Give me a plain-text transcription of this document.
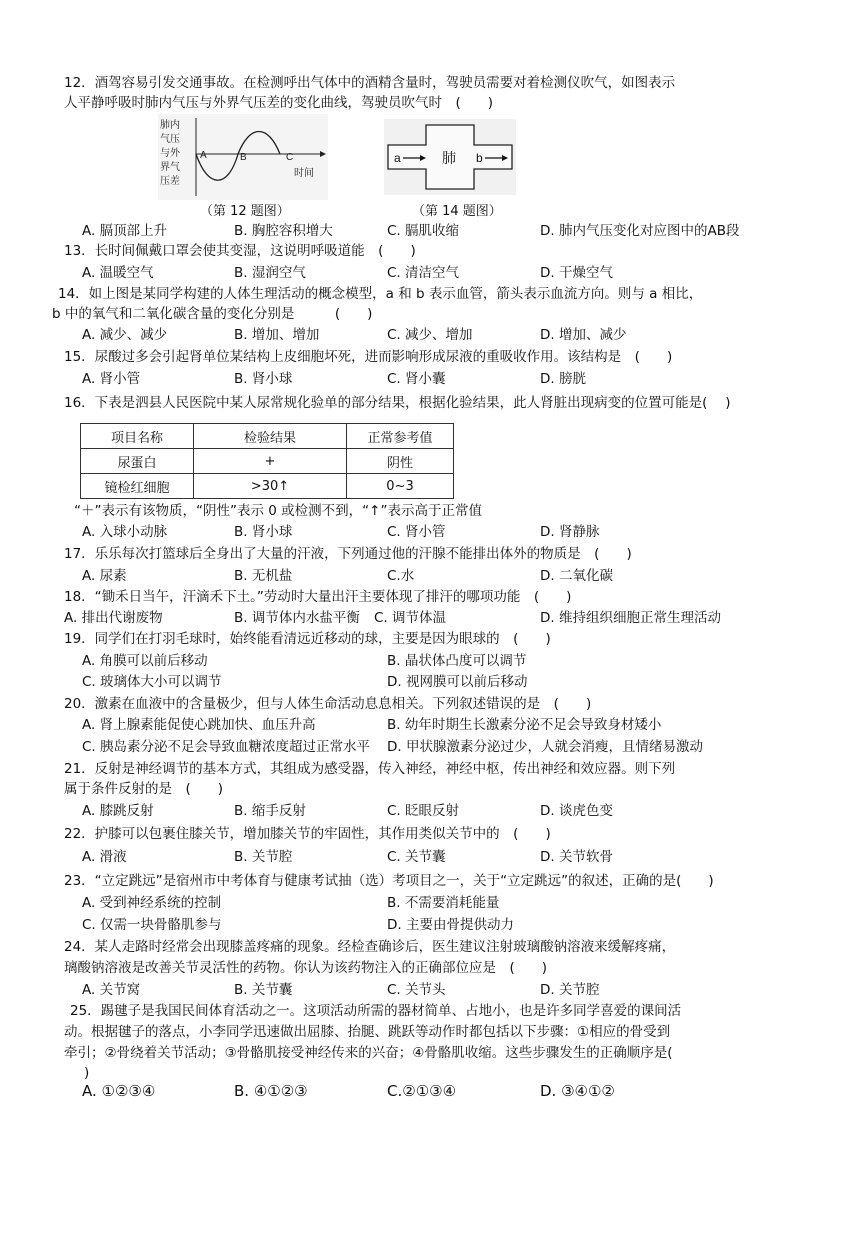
12．酒驾容易引发交通事故。在检测呼出气体中的酒精含量时，驾驶员需要对着检测仪吹气，如图表示
人平静呼吸时肺内气压与外界气压差的变化曲线，驾驶员吹气时　(　　)
肺内
气压
与外
界气
压差
A	B	C
时间
（第 12 题图）
a	肺 b
（第 14 题图）
A. 膈顶部上升	B. 胸腔容积增大	C. 膈肌收缩	D. 肺内气压变化对应图中的AB段
13．长时间佩戴口罩会使其变湿，这说明呼吸道能　(　　)
A. 温暖空气	B. 湿润空气	C. 清洁空气	D. 干燥空气
14．如上图是某同学构建的人体生理活动的概念模型，a 和 b 表示血管，箭头表示血流方向。则与 a 相比，
b 中的氧气和二氧化碳含量的变化分别是　　　(　　)
A. 减少、减少	B. 增加、增加	C. 减少、增加	D. 增加、减少
15．尿酸过多会引起肾单位某结构上皮细胞坏死，进而影响形成尿液的重吸收作用。该结构是　(　　)
A. 肾小管	B. 肾小球	C. 肾小囊	D. 膀胱
16．下表是泗县人民医院中某人尿常规化验单的部分结果，根据化验结果，此人肾脏出现病变的位置可能是(　 )
项目名称	检验结果	正常参考值
尿蛋白	+	阴性
镜检红细胞	>30↑	0~3
“＋”表示有该物质，“阴性”表示 0 或检测不到，“↑”表示高于正常值
A. 入球小动脉	B. 肾小球	C. 肾小管	D. 肾静脉
17．乐乐每次打篮球后全身出了大量的汗液，下列通过他的汗腺不能排出体外的物质是　(　　)
A. 尿素	B. 无机盐	C.水	D. 二氧化碳
18．“锄禾日当午，汗滴禾下土。”劳动时大量出汗主要体现了排汗的哪项功能　(　　)
A. 排出代谢废物	B. 调节体内水盐平衡 C. 调节体温	D. 维持组织细胞正常生理活动
19．同学们在打羽毛球时，始终能看清远近移动的球，主要是因为眼球的　(　　)
A. 角膜可以前后移动	B. 晶状体凸度可以调节
C. 玻璃体大小可以调节	D. 视网膜可以前后移动
20．激素在血液中的含量极少，但与人体生命活动息息相关。下列叙述错误的是　(　　)
A. 肾上腺素能促使心跳加快、血压升高	B. 幼年时期生长激素分泌不足会导致身材矮小
C. 胰岛素分泌不足会导致血糖浓度超过正常水平 D. 甲状腺激素分泌过少，人就会消瘦，且情绪易激动
21．反射是神经调节的基本方式，其组成为感受器，传入神经，神经中枢，传出神经和效应器。则下列
属于条件反射的是　(　　)
A. 膝跳反射	B. 缩手反射	C. 眨眼反射	D. 谈虎色变
22．护膝可以包裹住膝关节，增加膝关节的牢固性，其作用类似关节中的　(　　)
A. 滑液	B. 关节腔	C. 关节囊	D. 关节软骨
23．“立定跳远”是宿州市中考体育与健康考试抽（选）考项目之一，关于“立定跳远”的叙述，正确的是(　　)
A. 受到神经系统的控制	B. 不需要消耗能量
C. 仅需一块骨骼肌参与	D. 主要由骨提供动力
24．某人走路时经常会出现膝盖疼痛的现象。经检查确诊后，医生建议注射玻璃酸钠溶液来缓解疼痛，
璃酸钠溶液是改善关节灵活性的药物。你认为该药物注入的正确部位应是　(　　)
A. 关节窝	B. 关节囊	C. 关节头	D. 关节腔
25．踢毽子是我国民间体育活动之一。这项活动所需的器材简单、占地小，也是许多同学喜爱的课间活
动。根据毽子的落点，小李同学迅速做出屈膝、抬腿、跳跃等动作时都包括以下步骤：①相应的骨受到
牵引；②骨绕着关节活动；③骨骼肌接受神经传来的兴奋；④骨骼肌收缩。这些步骤发生的正确顺序是(
)
A. ①②③④	B. ④①②③	C.②①③④	D. ③④①②
